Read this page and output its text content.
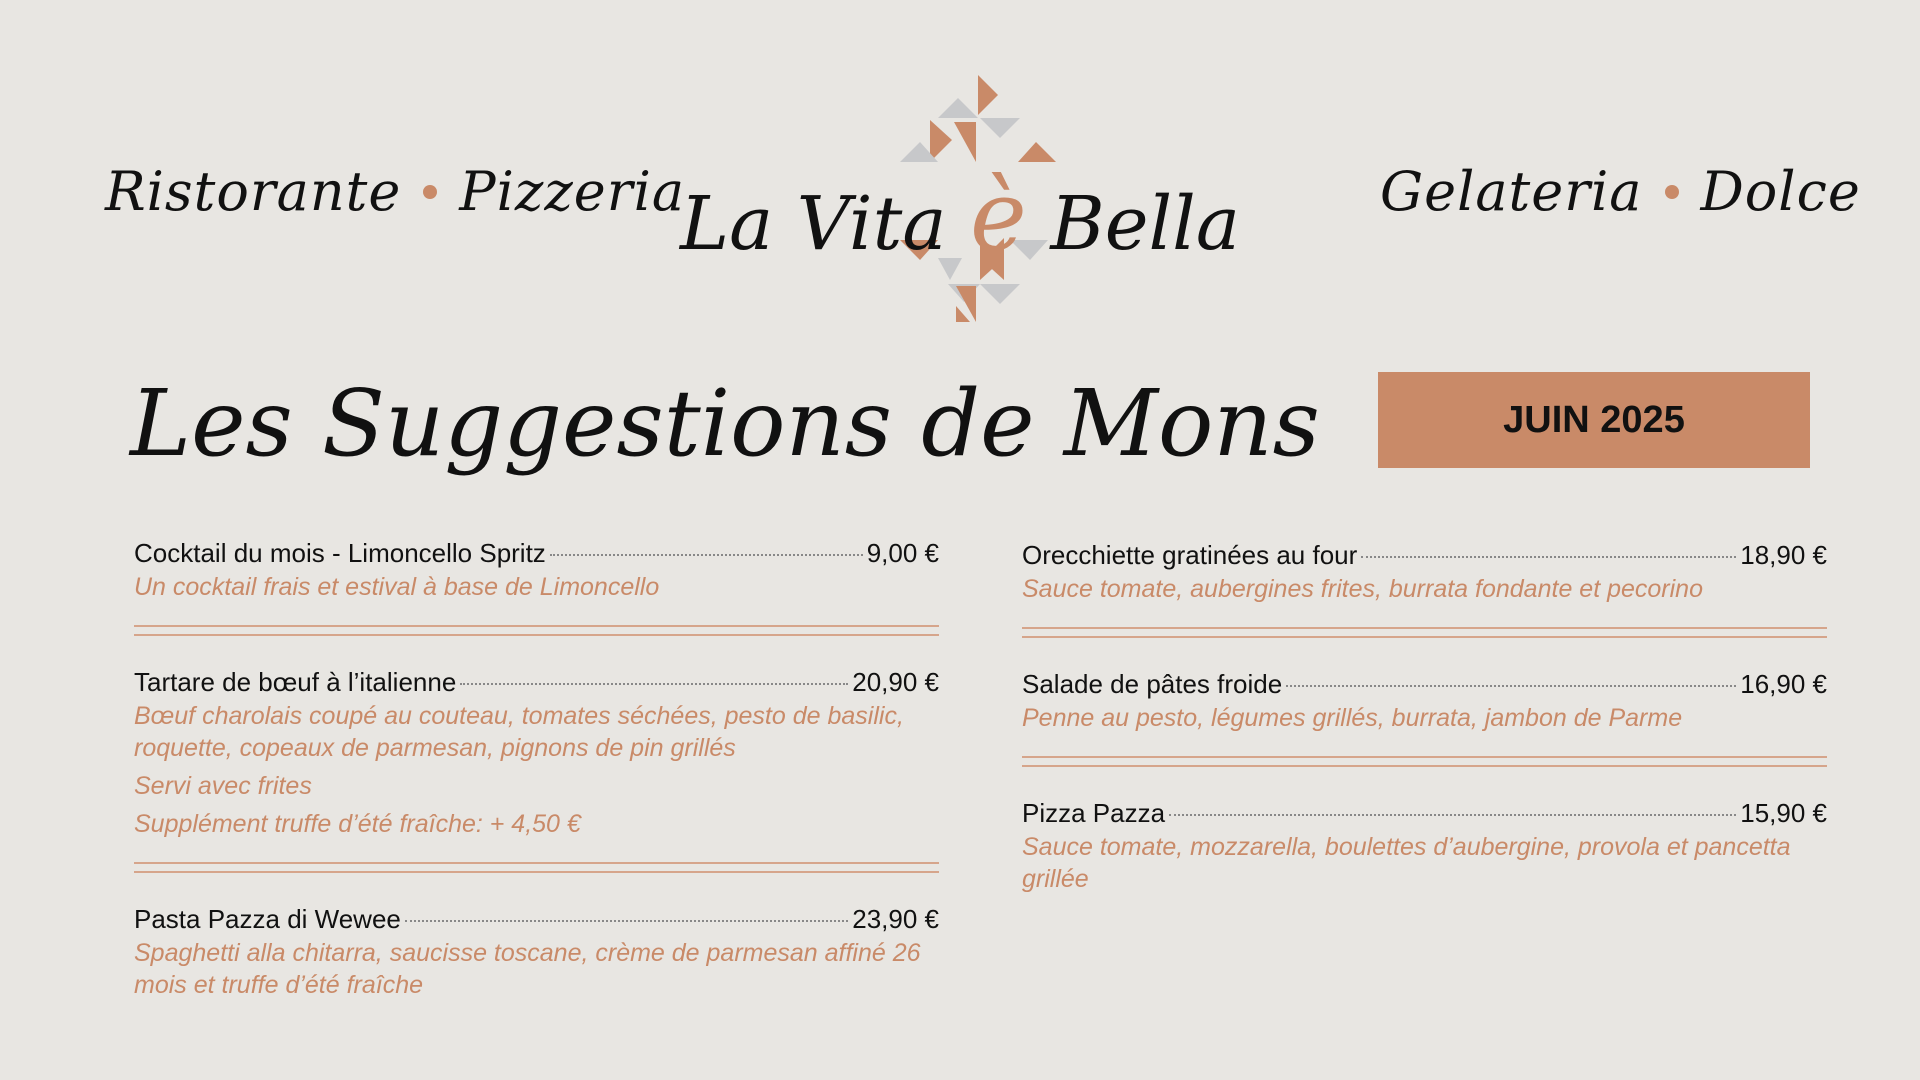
Ristorante Pizzeria
La Vita è Bella	Gelateria Dolce
Les Suggestions de Mons	JUIN 2025
Cocktail du mois - Limoncello Spritz	9,00 €
Un cocktail frais et estival à base de Limoncello
Tartare de bœuf à l’italienne	20,90 €
Bœuf charolais coupé au couteau, tomates séchées, pesto de basilic, roquette, copeaux de parmesan, pignons de pin grillés
Servi avec frites
Supplément truffe d’été fraîche: + 4,50 €
Pasta Pazza di Wewee	23,90 €
Spaghetti alla chitarra, saucisse toscane, crème de parmesan affiné 26 mois et truffe d’été fraîche
Orecchiette gratinées au four	18,90 €
Sauce tomate, aubergines frites, burrata fondante et pecorino
Salade de pâtes froide	16,90 €
Penne au pesto, légumes grillés, burrata, jambon de Parme
Pizza Pazza	15,90 €
Sauce tomate, mozzarella, boulettes d’aubergine, provola et pancetta grillée
